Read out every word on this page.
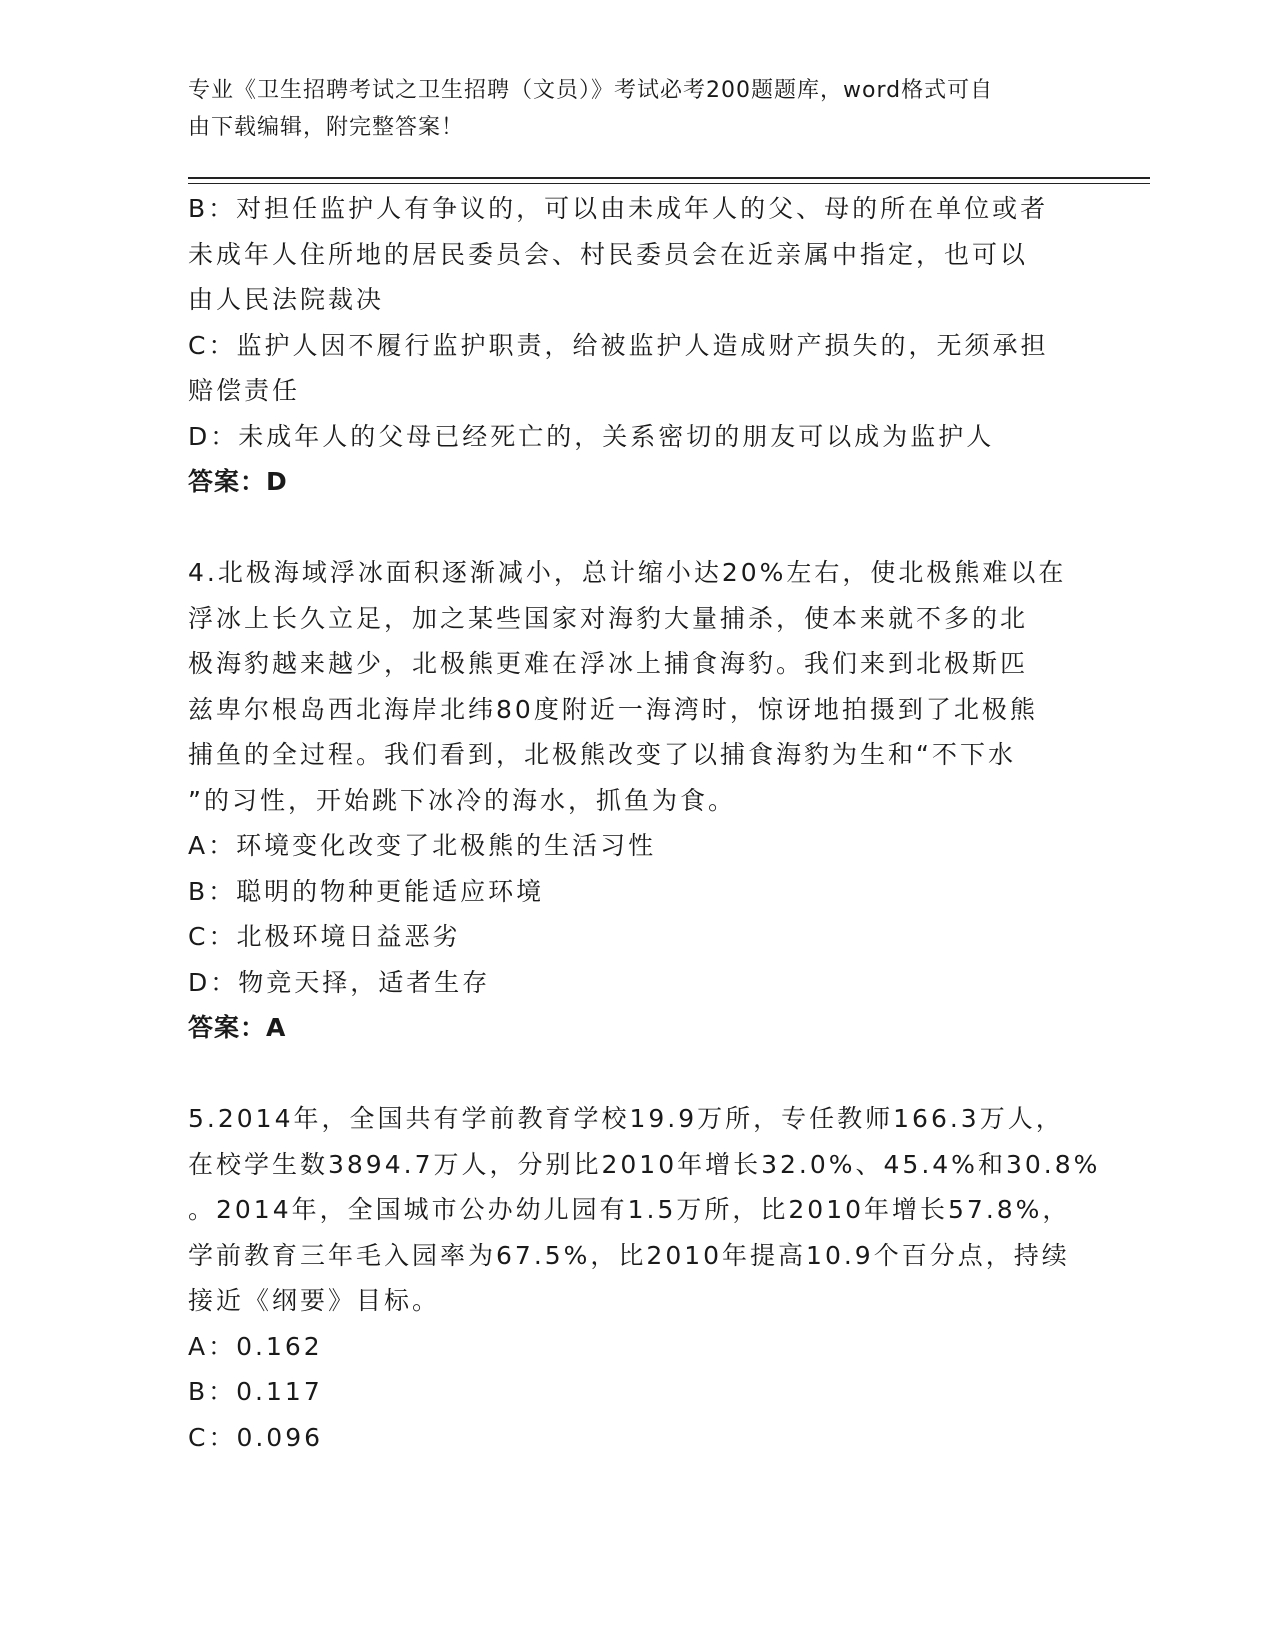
专业《卫生招聘考试之卫生招聘（文员）》考试必考200题题库，word格式可自
由下载编辑，附完整答案！
B：对担任监护人有争议的，可以由未成年人的父、母的所在单位或者
未成年人住所地的居民委员会、村民委员会在近亲属中指定，也可以
由人民法院裁决
C：监护人因不履行监护职责，给被监护人造成财产损失的，无须承担
赔偿责任
D：未成年人的父母已经死亡的，关系密切的朋友可以成为监护人
答案：D
4.北极海域浮冰面积逐渐减小，总计缩小达20%左右，使北极熊难以在
浮冰上长久立足，加之某些国家对海豹大量捕杀，使本来就不多的北
极海豹越来越少，北极熊更难在浮冰上捕食海豹。我们来到北极斯匹
兹卑尔根岛西北海岸北纬80度附近一海湾时，惊讶地拍摄到了北极熊
捕鱼的全过程。我们看到，北极熊改变了以捕食海豹为生和“不下水
”的习性，开始跳下冰冷的海水，抓鱼为食。
A：环境变化改变了北极熊的生活习性
B：聪明的物种更能适应环境
C：北极环境日益恶劣
D：物竞天择，适者生存
答案：A
5.2014年，全国共有学前教育学校19.9万所，专任教师166.3万人，
在校学生数3894.7万人，分别比2010年增长32.0%、45.4%和30.8%
。2014年，全国城市公办幼儿园有1.5万所，比2010年增长57.8%，
学前教育三年毛入园率为67.5%，比2010年提高10.9个百分点，持续
接近《纲要》目标。
A：0.162
B：0.117
C：0.096
